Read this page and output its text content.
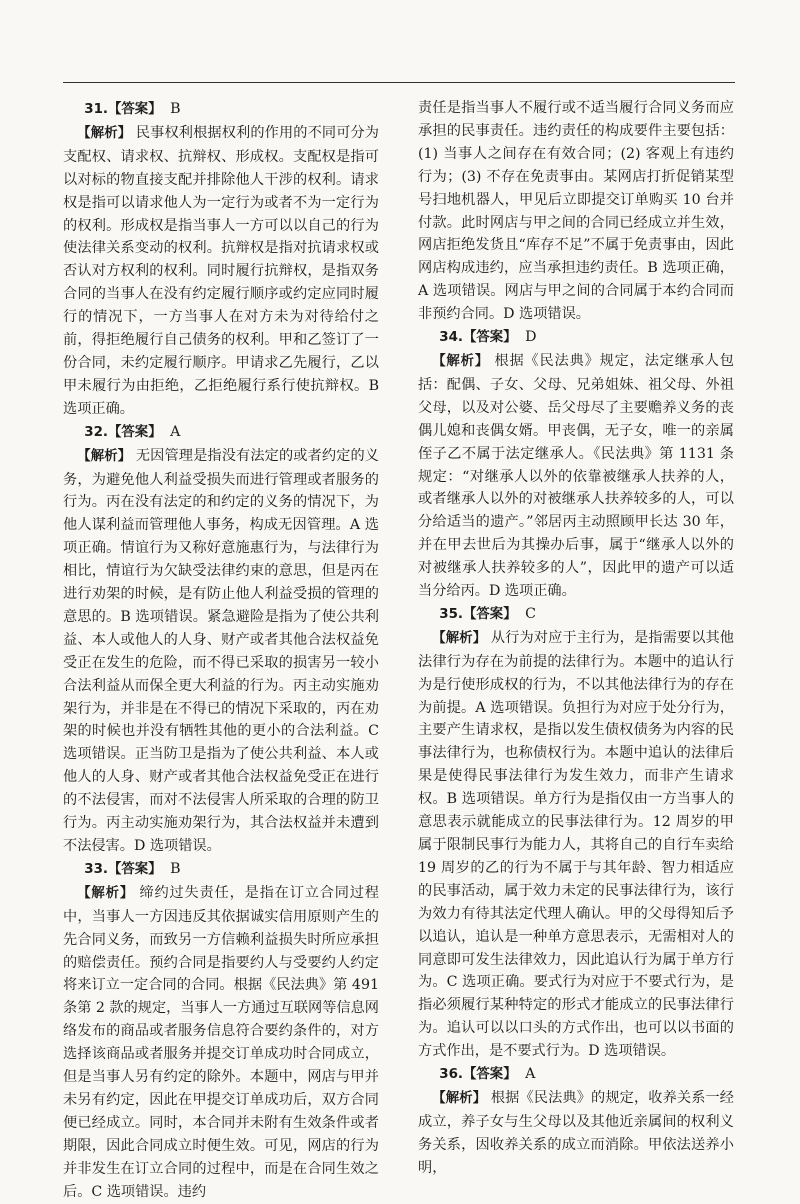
31.【答案】 B

【解析】 民事权利根据权利的作用的不同可分为支配权、请求权、抗辩权、形成权。支配权是指可以对标的物直接支配并排除他人干涉的权利。请求权是指可以请求他人为一定行为或者不为一定行为的权利。形成权是指当事人一方可以以自己的行为使法律关系变动的权利。抗辩权是指对抗请求权或否认对方权利的权利。同时履行抗辩权，是指双务合同的当事人在没有约定履行顺序或约定应同时履行的情况下，一方当事人在对方未为对待给付之前，得拒绝履行自己债务的权利。甲和乙签订了一份合同，未约定履行顺序。甲请求乙先履行，乙以甲未履行为由拒绝，乙拒绝履行系行使抗辩权。B 选项正确。

32.【答案】 A

【解析】 无因管理是指没有法定的或者约定的义务，为避免他人利益受损失而进行管理或者服务的行为。丙在没有法定的和约定的义务的情况下，为他人谋利益而管理他人事务，构成无因管理。A 选项正确。情谊行为又称好意施惠行为，与法律行为相比，情谊行为欠缺受法律约束的意思，但是丙在进行劝架的时候，是有防止他人利益受损的管理的意思的。B 选项错误。紧急避险是指为了使公共利益、本人或他人的人身、财产或者其他合法权益免受正在发生的危险，而不得已采取的损害另一较小合法利益从而保全更大利益的行为。丙主动实施劝架行为，并非是在不得已的情况下采取的，丙在劝架的时候也并没有牺牲其他的更小的合法利益。C 选项错误。正当防卫是指为了使公共利益、本人或他人的人身、财产或者其他合法权益免受正在进行的不法侵害，而对不法侵害人所采取的合理的防卫行为。丙主动实施劝架行为，其合法权益并未遭到不法侵害。D 选项错误。

33.【答案】 B

【解析】 缔约过失责任，是指在订立合同过程中，当事人一方因违反其依据诚实信用原则产生的先合同义务，而致另一方信赖利益损失时所应承担的赔偿责任。预约合同是指要约人与受要约人约定将来订立一定合同的合同。根据《民法典》第 491 条第 2 款的规定，当事人一方通过互联网等信息网络发布的商品或者服务信息符合要约条件的，对方选择该商品或者服务并提交订单成功时合同成立，但是当事人另有约定的除外。本题中，网店与甲并未另有约定，因此在甲提交订单成功后，双方合同便已经成立。同时，本合同并未附有生效条件或者期限，因此合同成立时便生效。可见，网店的行为并非发生在订立合同的过程中，而是在合同生效之后。C 选项错误。违约

责任是指当事人不履行或不适当履行合同义务而应承担的民事责任。违约责任的构成要件主要包括：(1) 当事人之间存在有效合同；(2) 客观上有违约行为；(3) 不存在免责事由。某网店打折促销某型号扫地机器人，甲见后立即提交订单购买 10 台并付款。此时网店与甲之间的合同已经成立并生效，网店拒绝发货且“库存不足”不属于免责事由，因此网店构成违约，应当承担违约责任。B 选项正确，A 选项错误。网店与甲之间的合同属于本约合同而非预约合同。D 选项错误。

34.【答案】 D

【解析】 根据《民法典》规定，法定继承人包括：配偶、子女、父母、兄弟姐妹、祖父母、外祖父母，以及对公婆、岳父母尽了主要赡养义务的丧偶儿媳和丧偶女婿。甲丧偶，无子女，唯一的亲属侄子乙不属于法定继承人。《民法典》第 1131 条规定：“对继承人以外的依靠被继承人扶养的人，或者继承人以外的对被继承人扶养较多的人，可以分给适当的遗产。”邻居丙主动照顾甲长达 30 年，并在甲去世后为其操办后事，属于“继承人以外的对被继承人扶养较多的人”，因此甲的遗产可以适当分给丙。D 选项正确。

35.【答案】 C

【解析】 从行为对应于主行为，是指需要以其他法律行为存在为前提的法律行为。本题中的追认行为是行使形成权的行为，不以其他法律行为的存在为前提。A 选项错误。负担行为对应于处分行为，主要产生请求权，是指以发生债权债务为内容的民事法律行为，也称债权行为。本题中追认的法律后果是使得民事法律行为发生效力，而非产生请求权。B 选项错误。单方行为是指仅由一方当事人的意思表示就能成立的民事法律行为。12 周岁的甲属于限制民事行为能力人，其将自己的自行车卖给 19 周岁的乙的行为不属于与其年龄、智力相适应的民事活动，属于效力未定的民事法律行为，该行为效力有待其法定代理人确认。甲的父母得知后予以追认，追认是一种单方意思表示，无需相对人的同意即可发生法律效力，因此追认行为属于单方行为。C 选项正确。要式行为对应于不要式行为，是指必须履行某种特定的形式才能成立的民事法律行为。追认可以以口头的方式作出，也可以以书面的方式作出，是不要式行为。D 选项错误。

36.【答案】 A

【解析】 根据《民法典》的规定，收养关系一经成立，养子女与生父母以及其他近亲属间的权利义务关系，因收养关系的成立而消除。甲依法送养小明，
